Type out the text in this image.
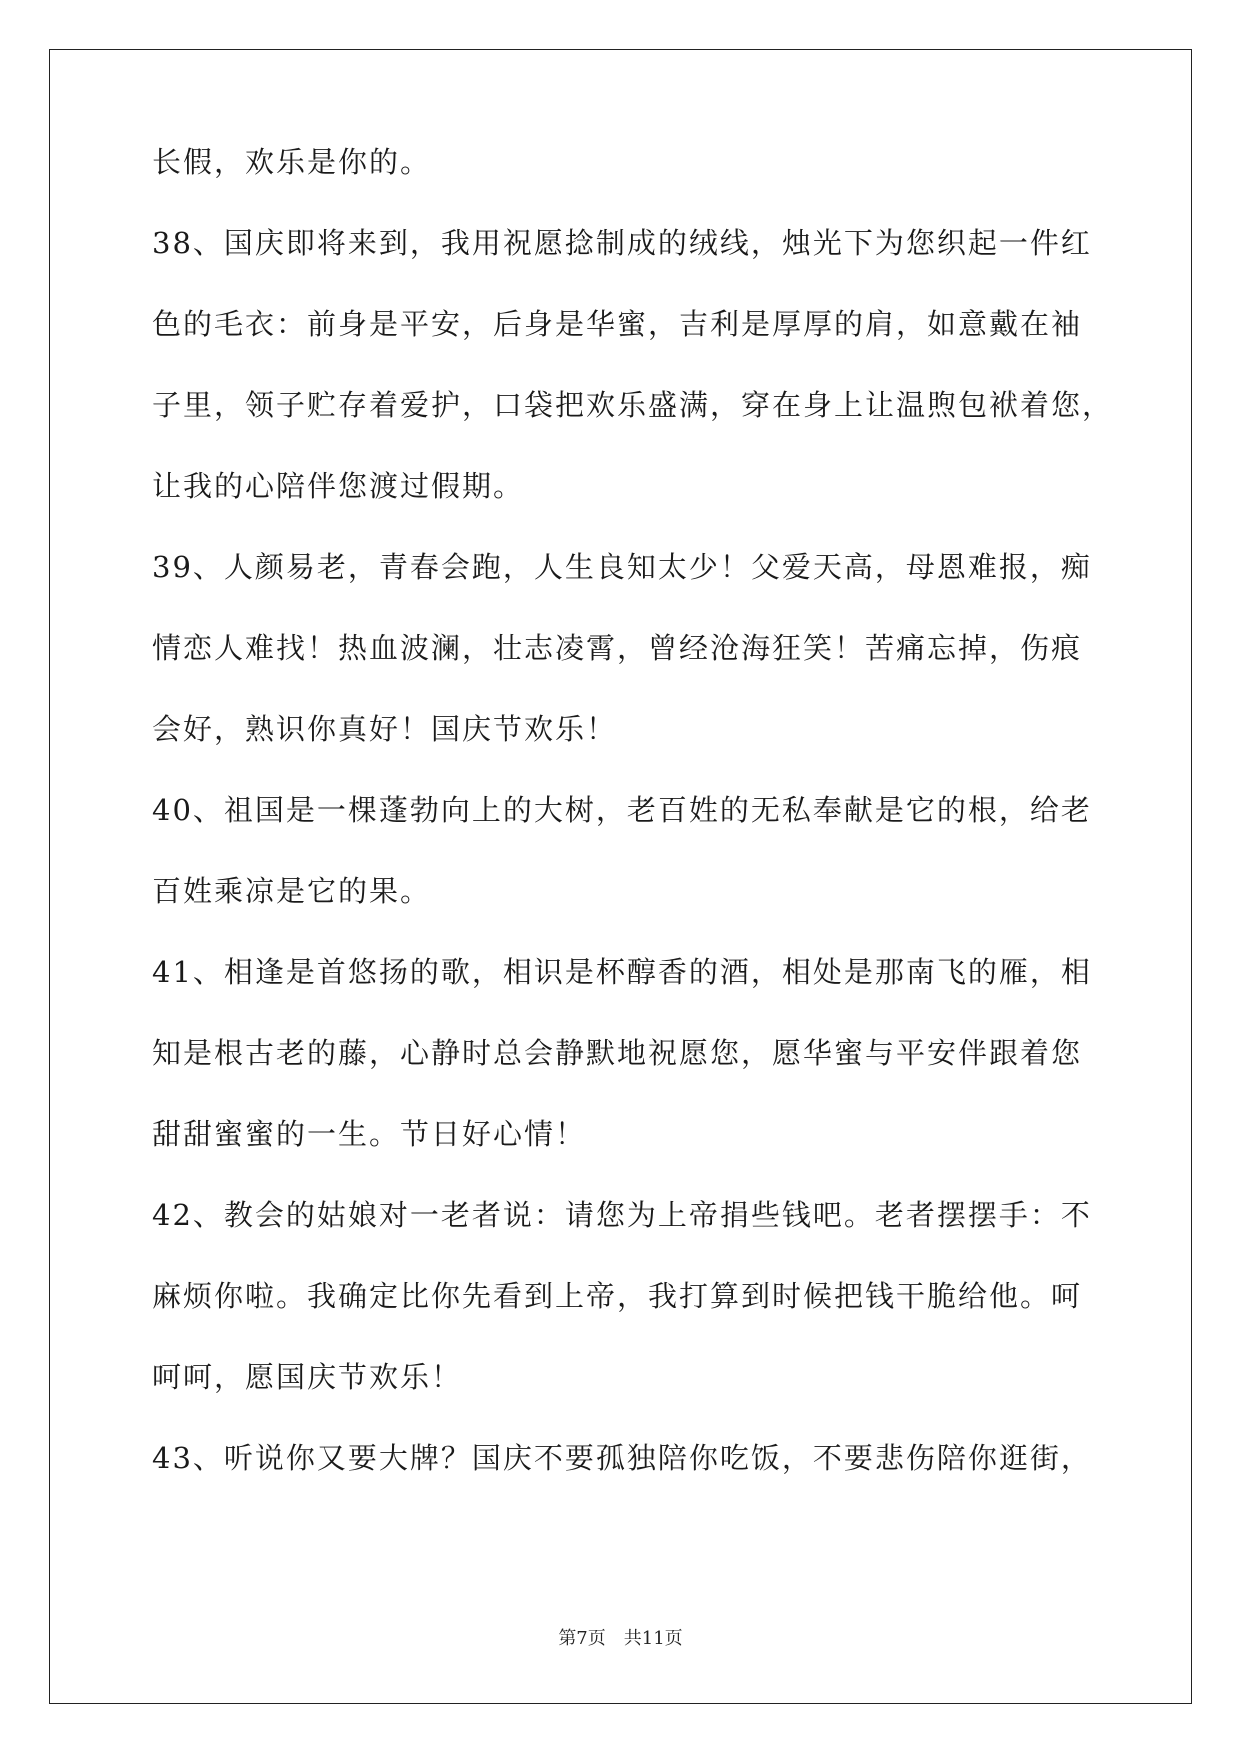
长假，欢乐是你的。
38、国庆即将来到，我用祝愿捻制成的绒线，烛光下为您织起一件红
色的毛衣：前身是平安，后身是华蜜，吉利是厚厚的肩，如意戴在袖
子里，领子贮存着爱护，口袋把欢乐盛满，穿在身上让温煦包袱着您，
让我的心陪伴您渡过假期。
39、人颜易老，青春会跑，人生良知太少！父爱天高，母恩难报，痴
情恋人难找！热血波澜，壮志凌霄，曾经沧海狂笑！苦痛忘掉，伤痕
会好，熟识你真好！国庆节欢乐！
40、祖国是一棵蓬勃向上的大树，老百姓的无私奉献是它的根，给老
百姓乘凉是它的果。
41、相逢是首悠扬的歌，相识是杯醇香的酒，相处是那南飞的雁，相
知是根古老的藤，心静时总会静默地祝愿您，愿华蜜与平安伴跟着您
甜甜蜜蜜的一生。节日好心情！
42、教会的姑娘对一老者说：请您为上帝捐些钱吧。老者摆摆手：不
麻烦你啦。我确定比你先看到上帝，我打算到时候把钱干脆给他。呵
呵呵，愿国庆节欢乐！
43、听说你又要大牌？国庆不要孤独陪你吃饭，不要悲伤陪你逛街，
第7页 共11页
